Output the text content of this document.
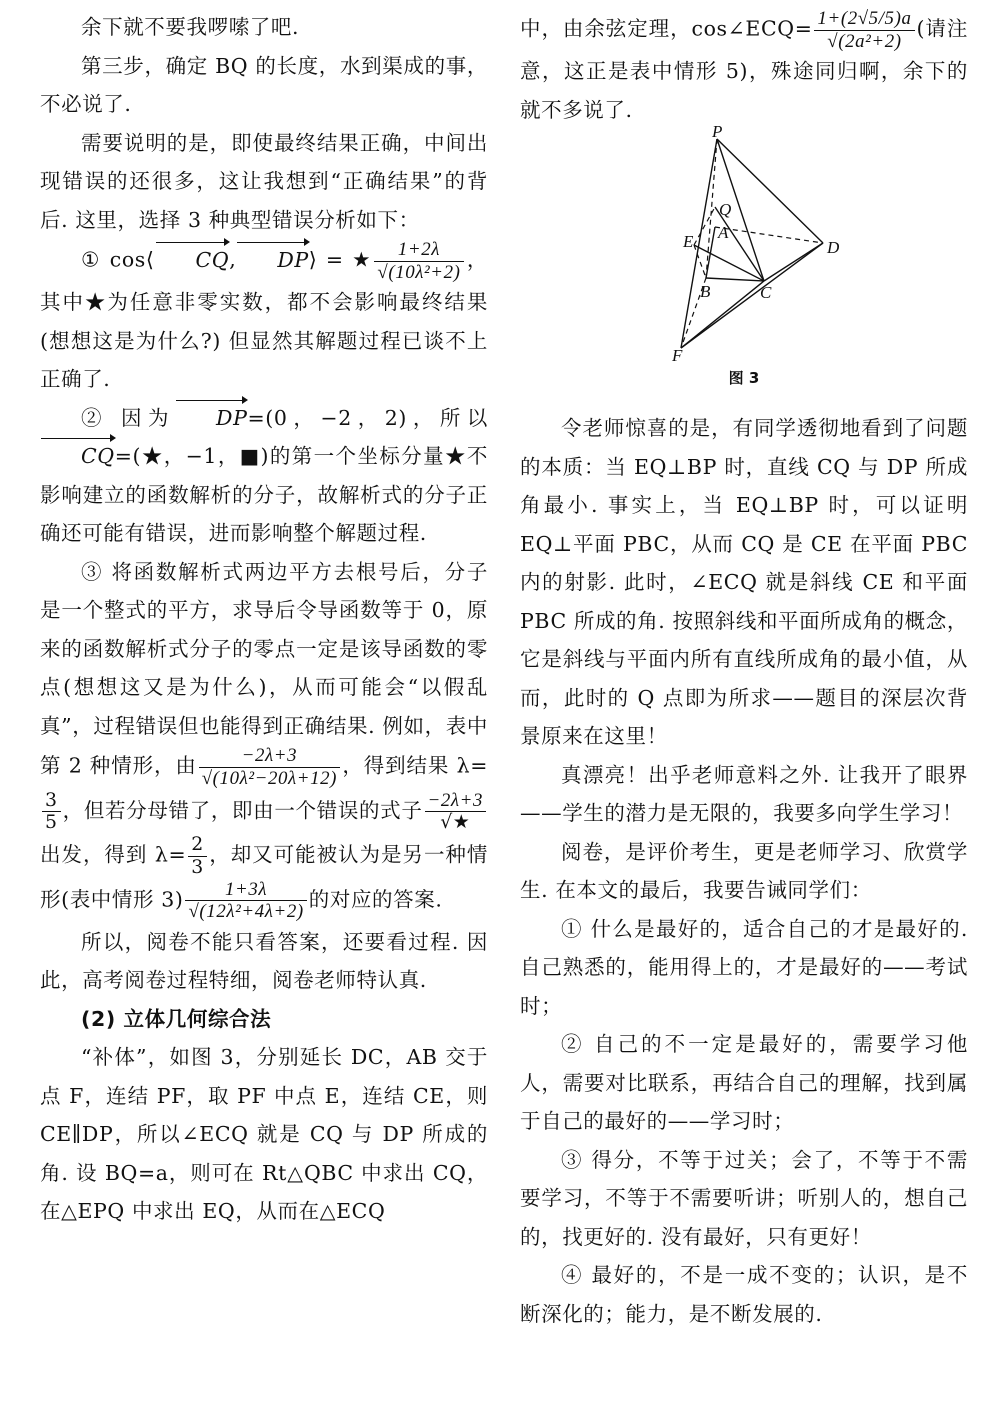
余下就不要我啰嗦了吧.

第三步，确定 BQ 的长度，水到渠成的事，不必说了.

需要说明的是，即使最终结果正确，中间出现错误的还很多，这让我想到“正确结果”的背后. 这里，选择 3 种典型错误分析如下：

① cos⟨ CQ, DP⟩ = ★ $\frac{1+2\lambda}{\text{√(10λ²+2)}}$ ，其中★为任意非零实数，都不会影响最终结果(想想这是为什么?) 但显然其解题过程已谈不上正确了.

② 因为 DP=(0，−2，2)，所以CQ=(★，−1，■)的第一个坐标分量★不影响建立的函数解析的分子，故解析式的分子正确还可能有错误，进而影响整个解题过程.

③ 将函数解析式两边平方去根号后，分子是一个整式的平方，求导后令导函数等于 0，原来的函数解析式分子的零点一定是该导函数的零点(想想这又是为什么)，从而可能会“以假乱真”，过程错误但也能得到正确结果. 例如，表中第 2 种情形，由 $\frac{-2\lambda+3}{\text{√(10λ²−20λ+12)}}$ ，得到结果 λ=
$\frac{3}{5}$ ，但若分母错了，即由一个错误的式子 $\frac{-2\lambda+3}{√★}$
出发，得到 $\lambda= \frac{2}{3}$ ，却又可能被认为是另一种情形(表中情形 $3) \frac{1+3\lambda}{\text{√(12λ²+4λ+2)}}$ 的对应的答案.

所以，阅卷不能只看答案，还要看过程. 因此，高考阅卷过程特细，阅卷老师特认真.

(2) 立体几何综合法

“补体”，如图 3，分别延长 DC，AB 交于点 F，连结 PF，取 PF 中点 E，连结 CE，则 CE∥DP，所以∠ECQ 就是 CQ 与 DP 所成的角. 设 BQ=a，则可在 Rt△QBC 中求出 CQ，在△EPQ 中求出 EQ，从而在△ECQ

中，由余弦定理，cos∠ECQ= $\frac{1+(2√5/5)a}{\text{√(2a²+2)}}$ (请注意，这正是表中情形 5)，殊途同归啊，余下的就不多说了.

P
Q
A
E	D
B	C
F
图 3

令老师惊喜的是，有同学透彻地看到了问题的本质：当 EQ⊥BP 时，直线 CQ 与 DP 所成角最小. 事实上，当 EQ⊥BP 时，可以证明 EQ⊥平面 PBC，从而 CQ 是 CE 在平面 PBC 内的射影. 此时，∠ECQ 就是斜线 CE 和平面 PBC 所成的角. 按照斜线和平面所成角的概念，它是斜线与平面内所有直线所成角的最小值，从而，此时的 Q 点即为所求——题目的深层次背景原来在这里！

真漂亮！出乎老师意料之外. 让我开了眼界——学生的潜力是无限的，我要多向学生学习！

阅卷，是评价考生，更是老师学习、欣赏学生. 在本文的最后，我要告诫同学们：

① 什么是最好的，适合自己的才是最好的. 自己熟悉的，能用得上的，才是最好的——考试时；

② 自己的不一定是最好的，需要学习他人，需要对比联系，再结合自己的理解，找到属于自己的最好的——学习时；

③ 得分，不等于过关；会了，不等于不需要学习，不等于不需要听讲；听别人的，想自己的，找更好的. 没有最好，只有更好！

④ 最好的，不是一成不变的；认识，是不断深化的；能力，是不断发展的.
